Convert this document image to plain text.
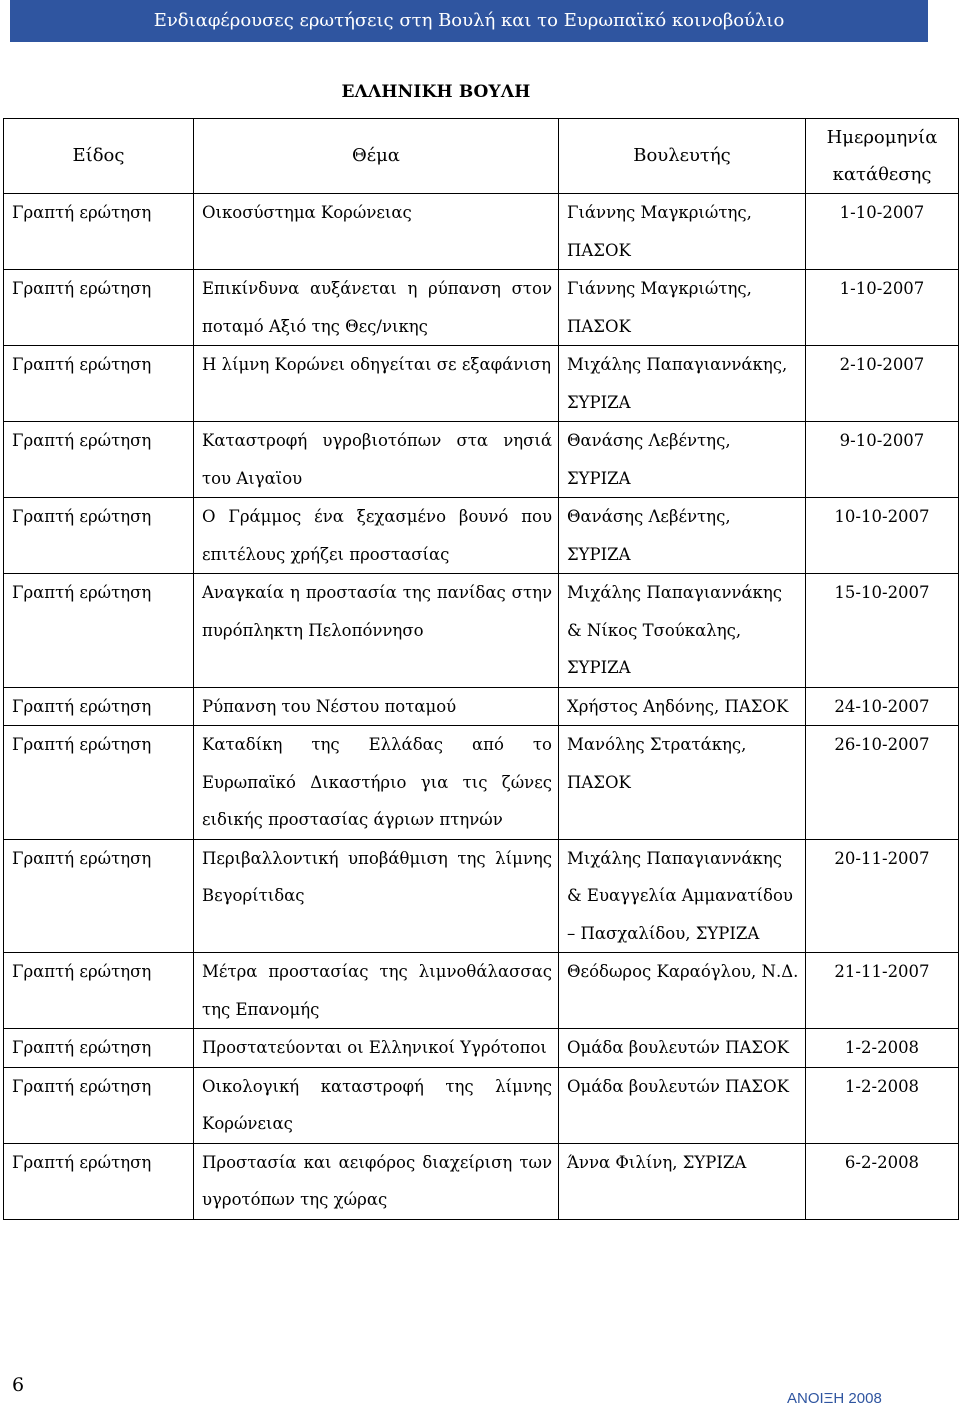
Ενδιαφέρουσες ερωτήσεις στη Βουλή και το Ευρωπαϊκό κοινοβούλιο
ΕΛΛΗΝΙΚΗ ΒΟΥΛΗ
Είδος	Θέμα	Βουλευτής	Ημερομηνία κατάθεσης
Γραπτή ερώτηση	Οικοσύστημα Κορώνειας	Γιάννης Μαγκριώτης, ΠΑΣΟΚ	1-10-2007
Γραπτή ερώτηση	Επικίνδυνα αυξάνεται η ρύπανση στον ποταμό Αξιό της Θες/νικης	Γιάννης Μαγκριώτης, ΠΑΣΟΚ	1-10-2007
Γραπτή ερώτηση	Η λίμνη Κορώνει οδηγείται σε εξαφάνιση	Μιχάλης Παπαγιαννάκης, ΣΥΡΙΖΑ	2-10-2007
Γραπτή ερώτηση	Καταστροφή υγροβιοτόπων στα νησιά του Αιγαϊου	Θανάσης Λεβέντης, ΣΥΡΙΖΑ	9-10-2007
Γραπτή ερώτηση	Ο Γράμμος ένα ξεχασμένο βουνό που επιτέλους χρήζει προστασίας	Θανάσης Λεβέντης, ΣΥΡΙΖΑ	10-10-2007
Γραπτή ερώτηση	Αναγκαία η προστασία της πανίδας στην πυρόπληκτη Πελοπόννησο	Μιχάλης Παπαγιαννάκης & Νίκος Τσούκαλης, ΣΥΡΙΖΑ	15-10-2007
Γραπτή ερώτηση	Ρύπανση του Νέστου ποταμού	Χρήστος Αηδόνης, ΠΑΣΟΚ	24-10-2007
Γραπτή ερώτηση	Καταδίκη της Ελλάδας από το Ευρωπαϊκό Δικαστήριο για τις ζώνες ειδικής προστασίας άγριων πτηνών	Μανόλης Στρατάκης, ΠΑΣΟΚ	26-10-2007
Γραπτή ερώτηση	Περιβαλλοντική υποβάθμιση της λίμνης Βεγορίτιδας	Μιχάλης Παπαγιαννάκης & Ευαγγελία Αμμανατίδου – Πασχαλίδου, ΣΥΡΙΖΑ	20-11-2007
Γραπτή ερώτηση	Μέτρα προστασίας της λιμνοθάλασσας της Επανομής	Θεόδωρος Καραόγλου, Ν.Δ.	21-11-2007
Γραπτή ερώτηση	Προστατεύονται οι Ελληνικοί Υγρότοποι	Ομάδα βουλευτών ΠΑΣΟΚ	1-2-2008
Γραπτή ερώτηση	Οικολογική καταστροφή της λίμνης Κορώνειας	Ομάδα βουλευτών ΠΑΣΟΚ	1-2-2008
Γραπτή ερώτηση	Προστασία και αειφόρος διαχείριση των υγροτόπων της χώρας	Άννα Φιλίνη, ΣΥΡΙΖΑ	6-2-2008
6
ΑΝΟΙΞΗ 2008
